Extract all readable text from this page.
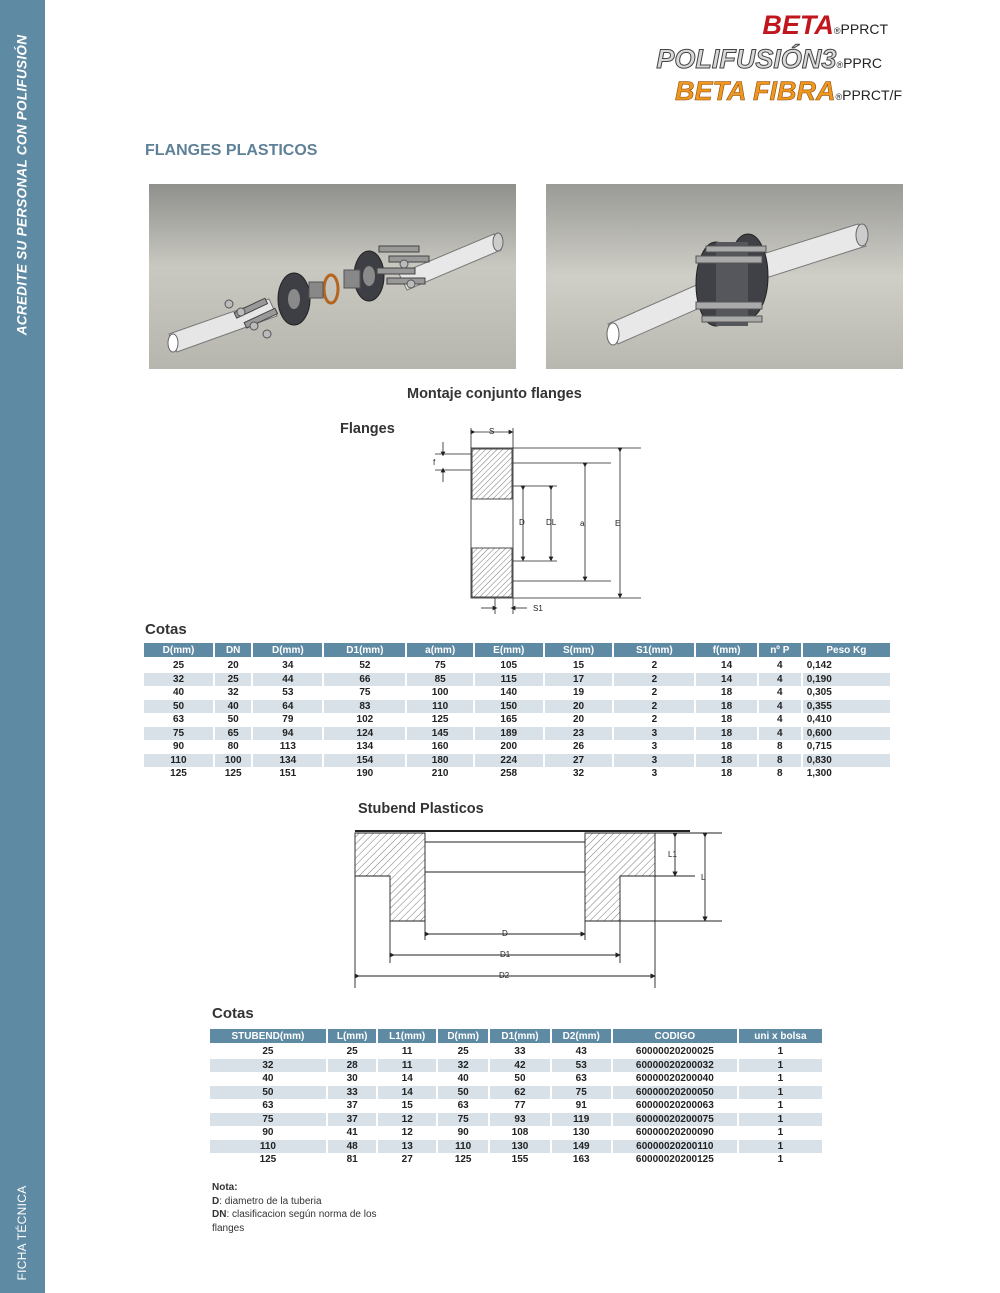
ACREDITE SU PERSONAL CON POLIFUSIÓN
FICHA TÉCNICA
BETA®PPRCT
POLIFUSIÓN3®PPRC
BETA FIBRA®PPRCT/F
FLANGES PLASTICOS
Montaje conjunto flanges
Flanges	S
f
D	DL	a	E
S1
Cotas
D(mm)	DN	D(mm)	D1(mm)	a(mm)	E(mm)	S(mm)	S1(mm)	f(mm)	nº P	Peso Kg
25	20	34	52	75	105	15	2	14	4	0,142
32	25	44	66	85	115	17	2	14	4	0,190
40	32	53	75	100	140	19	2	18	4	0,305
50	40	64	83	110	150	20	2	18	4	0,355
63	50	79	102	125	165	20	2	18	4	0,410
75	65	94	124	145	189	23	3	18	4	0,600
90	80	113	134	160	200	26	3	18	8	0,715
110	100	134	154	180	224	27	3	18	8	0,830
125	125	151	190	210	258	32	3	18	8	1,300
Stubend Plasticos
D
D1
D2
L1
L
Cotas
STUBEND(mm)	L(mm)	L1(mm)	D(mm)	D1(mm)	D2(mm)	CODIGO	uni x bolsa
25	25	11	25	33	43	60000020200025	1
32	28	11	32	42	53	60000020200032	1
40	30	14	40	50	63	60000020200040	1
50	33	14	50	62	75	60000020200050	1
63	37	15	63	77	91	60000020200063	1
75	37	12	75	93	119	60000020200075	1
90	41	12	90	108	130	60000020200090	1
110	48	13	110	130	149	60000020200110	1
125	81	27	125	155	163	60000020200125	1
Nota:
D: diametro de la tuberia
DN: clasificacion según norma de los flanges
